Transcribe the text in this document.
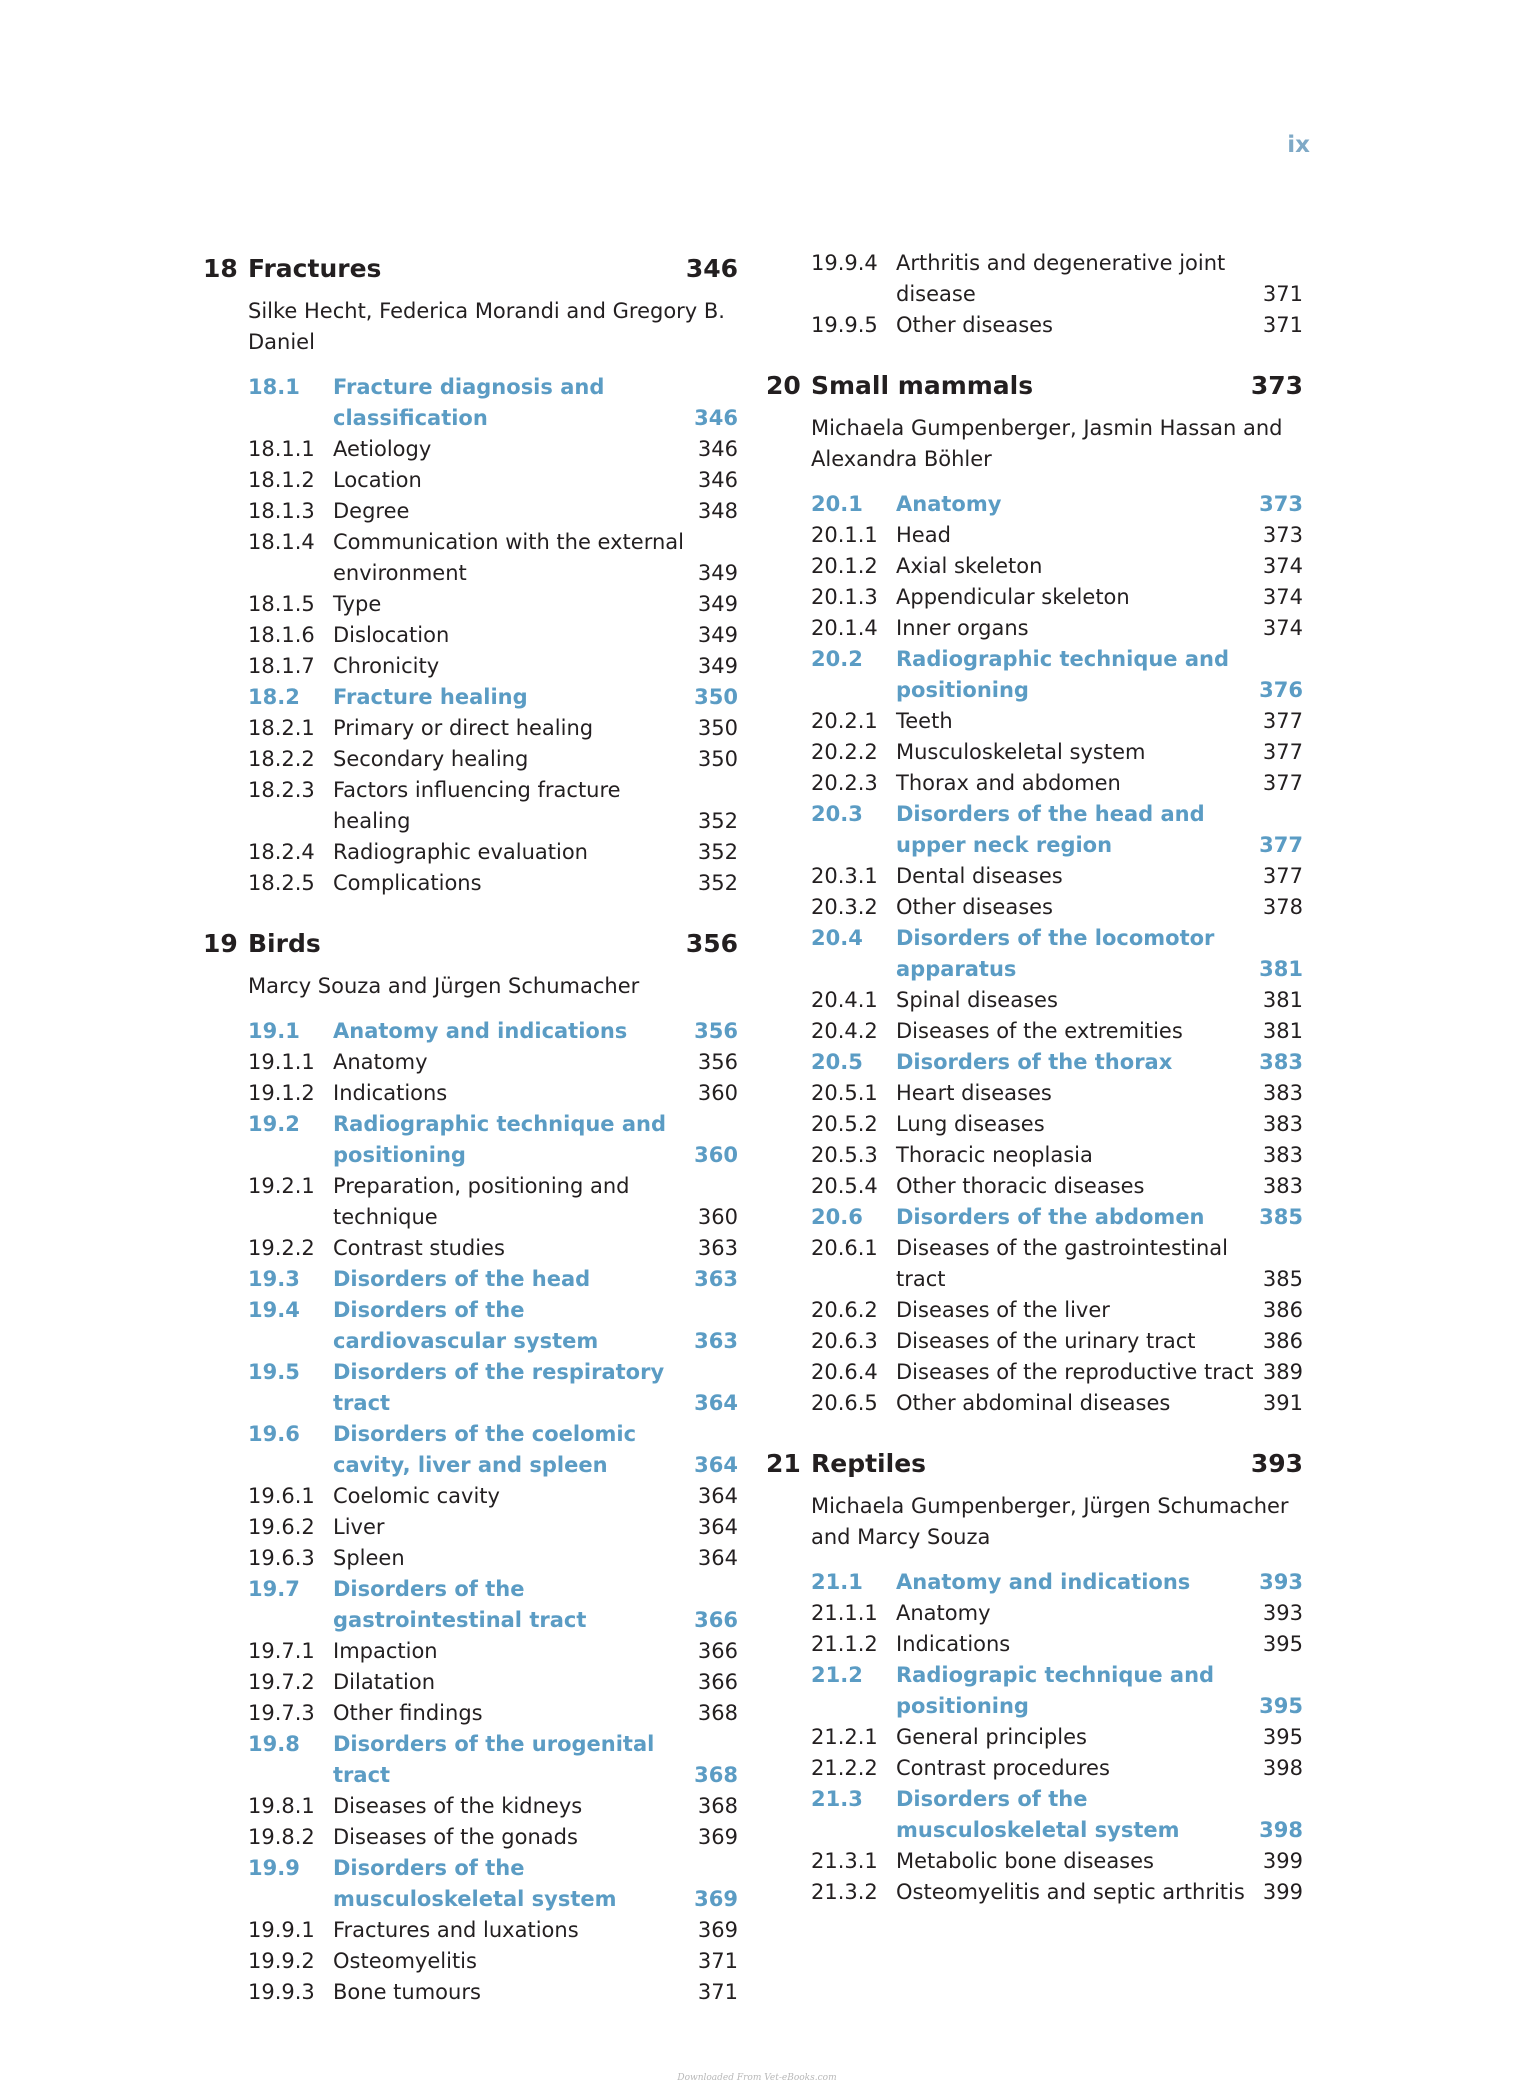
ix
18 Fractures	346
Silke Hecht, Federica Morandi and Gregory B. Daniel
18.1 Fracture diagnosis and classification	346
18.1.1 Aetiology	346
18.1.2 Location	346
18.1.3 Degree	348
18.1.4 Communication with the external environment	349
18.1.5 Type	349
18.1.6 Dislocation	349
18.1.7 Chronicity	349
18.2 Fracture healing	350
18.2.1 Primary or direct healing	350
18.2.2 Secondary healing	350
18.2.3 Factors influencing fracture healing	352
18.2.4 Radiographic evaluation	352
18.2.5 Complications	352
19 Birds	356
Marcy Souza and Jürgen Schumacher
19.1 Anatomy and indications	356
19.1.1 Anatomy	356
19.1.2 Indications	360
19.2 Radiographic technique and positioning	360
19.2.1 Preparation, positioning and technique	360
19.2.2 Contrast studies	363
19.3 Disorders of the head	363
19.4 Disorders of the cardiovascular system	363
19.5 Disorders of the respiratory tract	364
19.6 Disorders of the coelomic cavity, liver and spleen	364
19.6.1 Coelomic cavity	364
19.6.2 Liver	364
19.6.3 Spleen	364
19.7 Disorders of the gastrointestinal tract	366
19.7.1 Impaction	366
19.7.2 Dilatation	366
19.7.3 Other findings	368
19.8 Disorders of the urogenital tract	368
19.8.1 Diseases of the kidneys	368
19.8.2 Diseases of the gonads	369
19.9 Disorders of the musculoskeletal system	369
19.9.1 Fractures and luxations	369
19.9.2 Osteomyelitis	371
19.9.3 Bone tumours	371
19.9.4 Arthritis and degenerative joint disease	371
19.9.5 Other diseases	371
20 Small mammals	373
Michaela Gumpenberger, Jasmin Hassan and Alexandra Böhler
20.1 Anatomy	373
20.1.1 Head	373
20.1.2 Axial skeleton	374
20.1.3 Appendicular skeleton	374
20.1.4 Inner organs	374
20.2 Radiographic technique and positioning	376
20.2.1 Teeth	377
20.2.2 Musculoskeletal system	377
20.2.3 Thorax and abdomen	377
20.3 Disorders of the head and upper neck region	377
20.3.1 Dental diseases	377
20.3.2 Other diseases	378
20.4 Disorders of the locomotor apparatus	381
20.4.1 Spinal diseases	381
20.4.2 Diseases of the extremities	381
20.5 Disorders of the thorax	383
20.5.1 Heart diseases	383
20.5.2 Lung diseases	383
20.5.3 Thoracic neoplasia	383
20.5.4 Other thoracic diseases	383
20.6 Disorders of the abdomen	385
20.6.1 Diseases of the gastrointestinal tract	385
20.6.2 Diseases of the liver	386
20.6.3 Diseases of the urinary tract	386
20.6.4 Diseases of the reproductive tract 389
20.6.5 Other abdominal diseases	391
21 Reptiles	393
Michaela Gumpenberger, Jürgen Schumacher and Marcy Souza
21.1 Anatomy and indications	393
21.1.1 Anatomy	393
21.1.2 Indications	395
21.2 Radiograpic technique and positioning	395
21.2.1 General principles	395
21.2.2 Contrast procedures	398
21.3 Disorders of the musculoskeletal system	398
21.3.1 Metabolic bone diseases	399
21.3.2 Osteomyelitis and septic arthritis 399
Downloaded From Vet-eBooks.com
